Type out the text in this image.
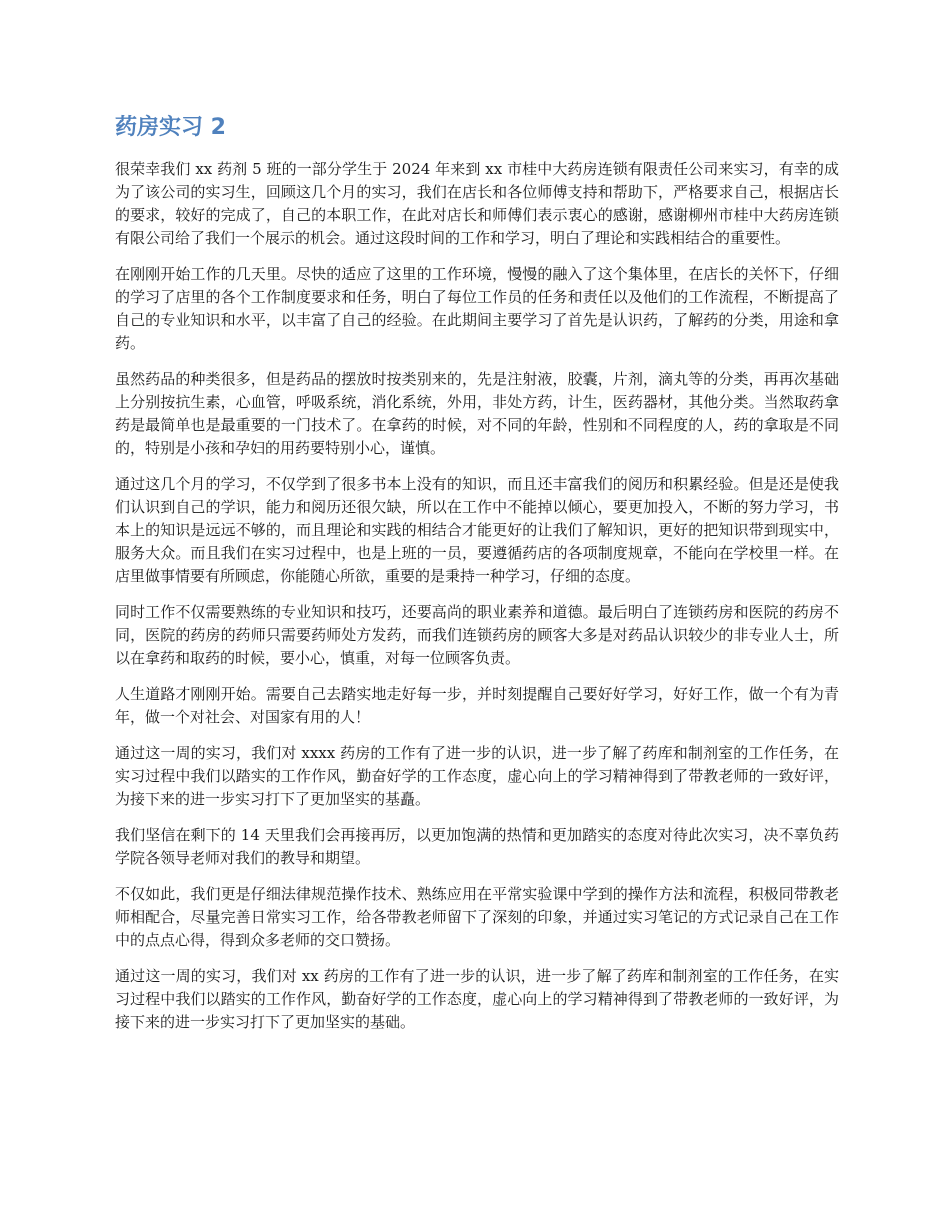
药房实习 2

很荣幸我们 xx 药剂 5 班的一部分学生于 2024 年来到 xx 市桂中大药房连锁有限责任公司来实习，有幸的成为了该公司的实习生，回顾这几个月的实习，我们在店长和各位师傅支持和帮助下，严格要求自己，根据店长的要求，较好的完成了，自己的本职工作，在此对店长和师傅们表示衷心的感谢，感谢柳州市桂中大药房连锁有限公司给了我们一个展示的机会。通过这段时间的工作和学习，明白了理论和实践相结合的重要性。

在刚刚开始工作的几天里。尽快的适应了这里的工作环境，慢慢的融入了这个集体里，在店长的关怀下，仔细的学习了店里的各个工作制度要求和任务，明白了每位工作员的任务和责任以及他们的工作流程，不断提高了自己的专业知识和水平，以丰富了自己的经验。在此期间主要学习了首先是认识药，了解药的分类，用途和拿药。

虽然药品的种类很多，但是药品的摆放时按类别来的，先是注射液，胶囊，片剂，滴丸等的分类，再再次基础上分别按抗生素，心血管，呼吸系统，消化系统，外用，非处方药，计生，医药器材，其他分类。当然取药拿药是最简单也是最重要的一门技术了。在拿药的时候，对不同的年龄，性别和不同程度的人，药的拿取是不同的，特别是小孩和孕妇的用药要特别小心，谨慎。

通过这几个月的学习，不仅学到了很多书本上没有的知识，而且还丰富我们的阅历和积累经验。但是还是使我们认识到自己的学识，能力和阅历还很欠缺，所以在工作中不能掉以倾心，要更加投入，不断的努力学习，书本上的知识是远远不够的，而且理论和实践的相结合才能更好的让我们了解知识，更好的把知识带到现实中，服务大众。而且我们在实习过程中，也是上班的一员，要遵循药店的各项制度规章，不能向在学校里一样。在店里做事情要有所顾虑，你能随心所欲，重要的是秉持一种学习，仔细的态度。

同时工作不仅需要熟练的专业知识和技巧，还要高尚的职业素养和道德。最后明白了连锁药房和医院的药房不同，医院的药房的药师只需要药师处方发药，而我们连锁药房的顾客大多是对药品认识较少的非专业人士，所以在拿药和取药的时候，要小心，慎重，对每一位顾客负责。

人生道路才刚刚开始。需要自己去踏实地走好每一步，并时刻提醒自己要好好学习，好好工作，做一个有为青年，做一个对社会、对国家有用的人！

通过这一周的实习，我们对 xxxx 药房的工作有了进一步的认识，进一步了解了药库和制剂室的工作任务，在实习过程中我们以踏实的工作作风，勤奋好学的工作态度，虚心向上的学习精神得到了带教老师的一致好评，为接下来的进一步实习打下了更加坚实的基矗。

我们坚信在剩下的 14 天里我们会再接再厉，以更加饱满的热情和更加踏实的态度对待此次实习，决不辜负药学院各领导老师对我们的教导和期望。

不仅如此，我们更是仔细法律规范操作技术、熟练应用在平常实验课中学到的操作方法和流程，积极同带教老师相配合，尽量完善日常实习工作，给各带教老师留下了深刻的印象，并通过实习笔记的方式记录自己在工作中的点点心得，得到众多老师的交口赞扬。

通过这一周的实习，我们对 xx 药房的工作有了进一步的认识，进一步了解了药库和制剂室的工作任务，在实习过程中我们以踏实的工作作风，勤奋好学的工作态度，虚心向上的学习精神得到了带教老师的一致好评，为接下来的进一步实习打下了更加坚实的基础。
